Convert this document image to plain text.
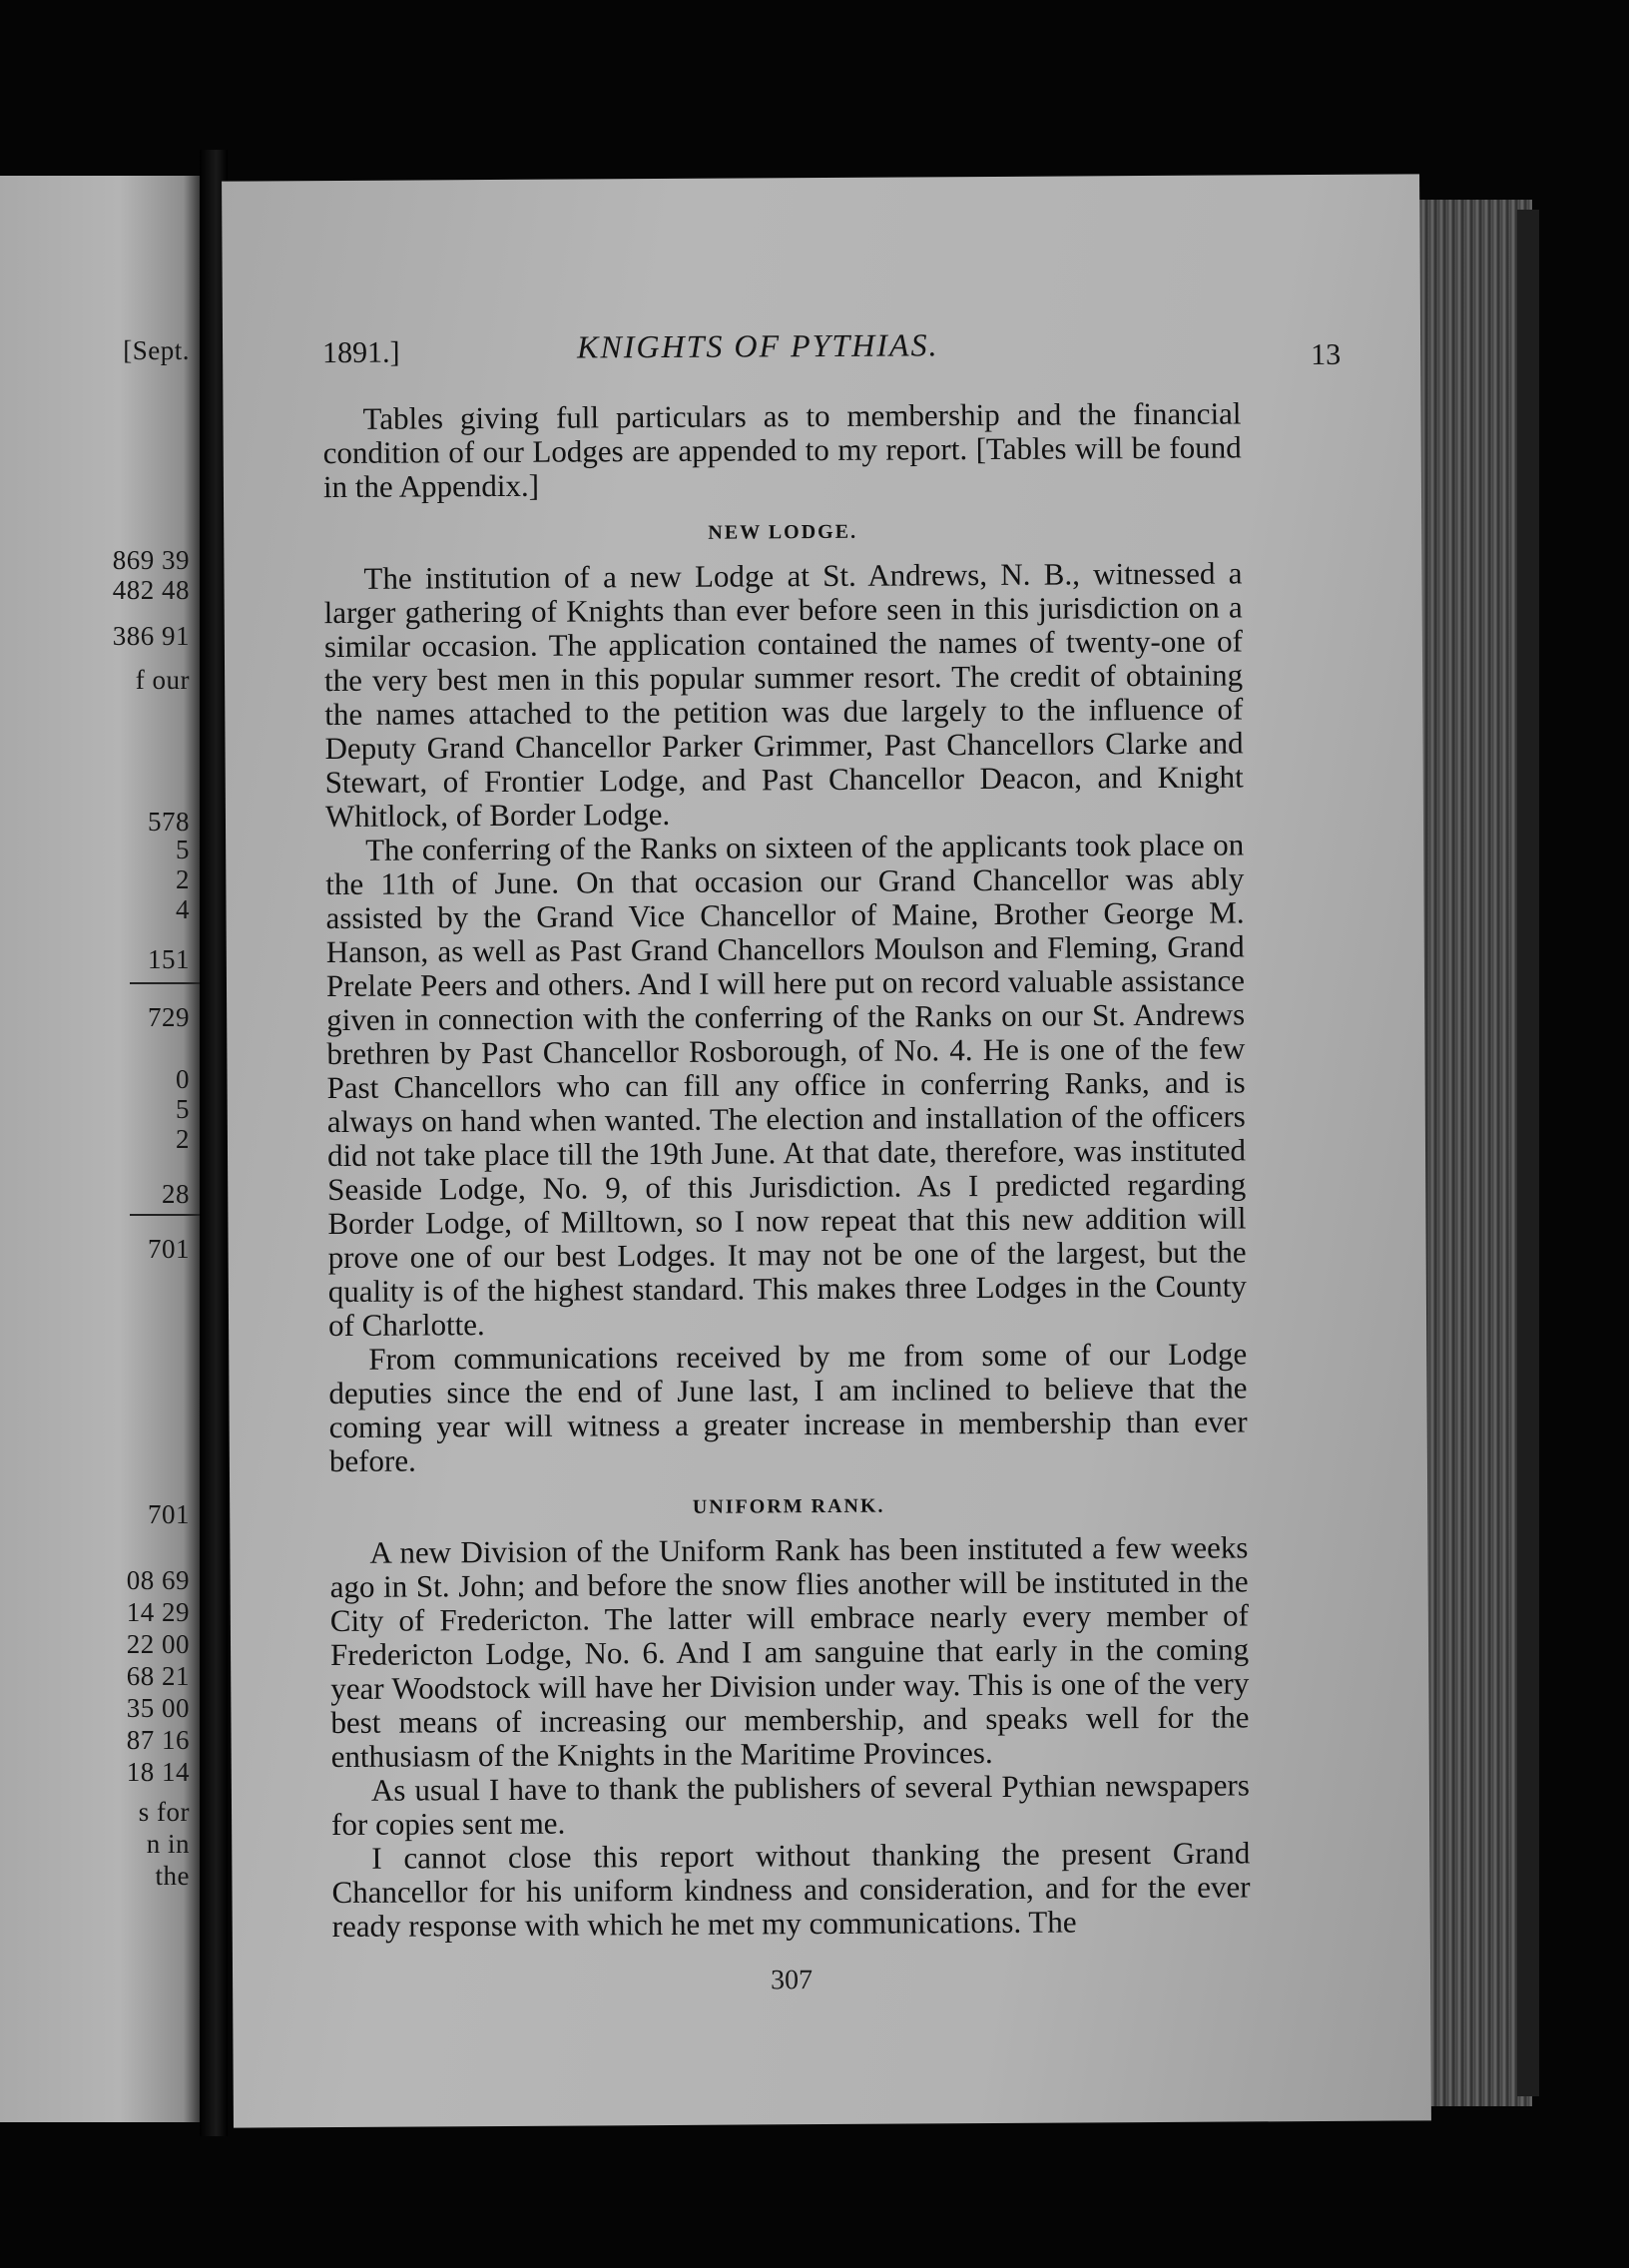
[Sept.
869 39
482 48
386 91
f our
578
5
2
4
151
729
0
5
2
28
701
701
08 69
14 29
22 00
68 21
35 00
87 16
18 14
s for
n in
the
1891.]	KNIGHTS OF PYTHIAS.	13

Tables giving full particulars as to membership and the financial condition of our Lodges are appended to my report. [Tables will be found in the Appendix.]

NEW LODGE.

The institution of a new Lodge at St. Andrews, N. B., witnessed a larger gathering of Knights than ever before seen in this jurisdiction on a similar occasion. The application contained the names of twenty-one of the very best men in this popular summer resort. The credit of obtaining the names attached to the petition was due largely to the influence of Deputy Grand Chancellor Parker Grimmer, Past Chancellors Clarke and Stewart, of Frontier Lodge, and Past Chancellor Deacon, and Knight Whitlock, of Border Lodge.

The conferring of the Ranks on sixteen of the applicants took place on the 11th of June. On that occasion our Grand Chancellor was ably assisted by the Grand Vice Chancellor of Maine, Brother George M. Hanson, as well as Past Grand Chancellors Moulson and Fleming, Grand Prelate Peers and others. And I will here put on record valuable assistance given in connection with the conferring of the Ranks on our St. Andrews brethren by Past Chancellor Rosborough, of No. 4. He is one of the few Past Chancellors who can fill any office in conferring Ranks, and is always on hand when wanted. The election and installation of the officers did not take place till the 19th June. At that date, therefore, was instituted Seaside Lodge, No. 9, of this Jurisdiction. As I predicted regarding Border Lodge, of Milltown, so I now repeat that this new addition will prove one of our best Lodges. It may not be one of the largest, but the quality is of the highest standard. This makes three Lodges in the County of Charlotte.

From communications received by me from some of our Lodge deputies since the end of June last, I am inclined to believe that the coming year will witness a greater increase in membership than ever before.

UNIFORM RANK.

A new Division of the Uniform Rank has been instituted a few weeks ago in St. John; and before the snow flies another will be instituted in the City of Fredericton. The latter will embrace nearly every member of Fredericton Lodge, No. 6. And I am sanguine that early in the coming year Woodstock will have her Division under way. This is one of the very best means of increasing our membership, and speaks well for the enthusiasm of the Knights in the Maritime Provinces.

As usual I have to thank the publishers of several Pythian newspapers for copies sent me.

I cannot close this report without thanking the present Grand Chancellor for his uniform kindness and consideration, and for the ever ready response with which he met my communications. The

307
